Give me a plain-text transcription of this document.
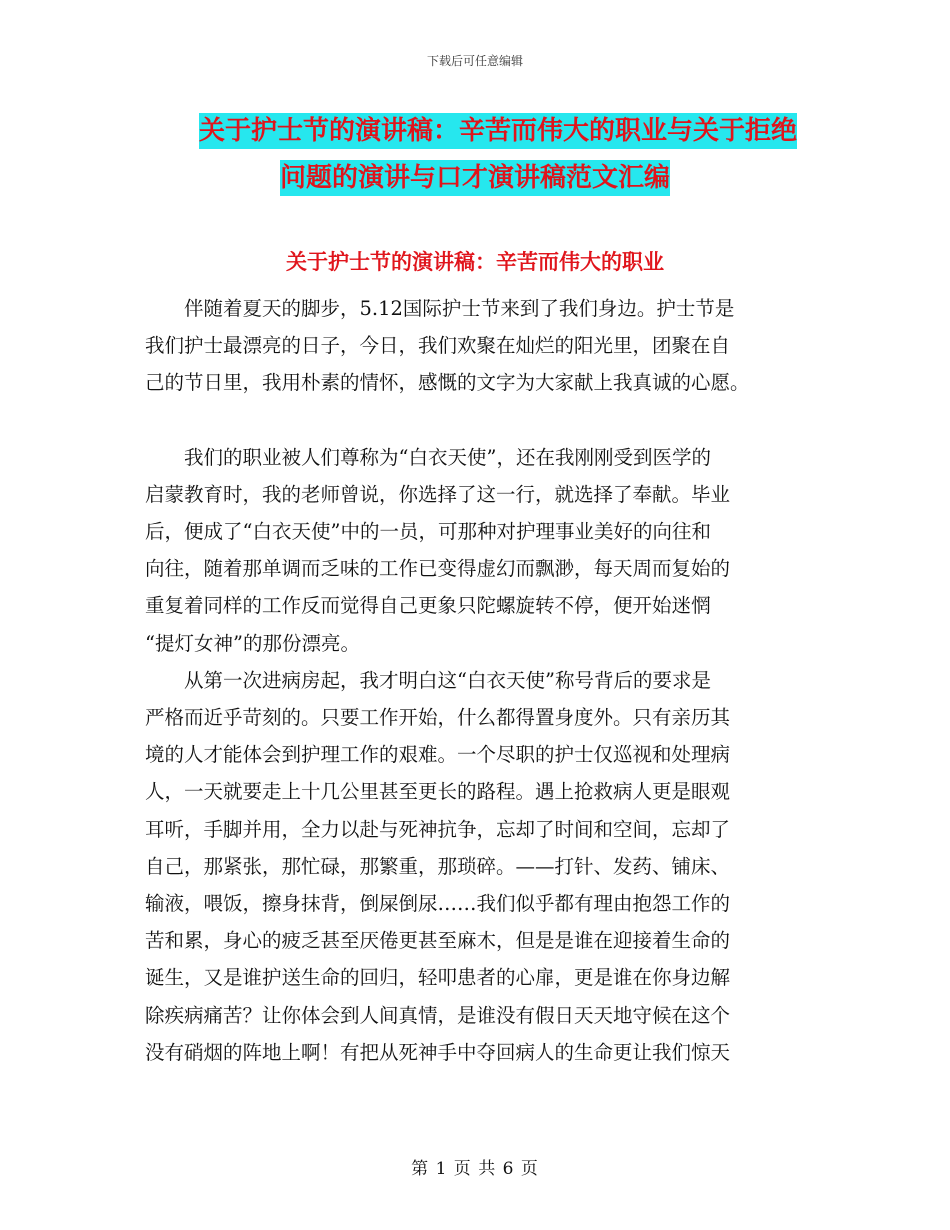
下载后可任意编辑
关于护士节的演讲稿：辛苦而伟大的职业与关于拒绝
问题的演讲与口才演讲稿范文汇编
关于护士节的演讲稿：辛苦而伟大的职业

　　伴随着夏天的脚步，5.12国际护士节来到了我们身边。护士节是

我们护士最漂亮的日子，今日，我们欢聚在灿烂的阳光里，团聚在自

己的节日里，我用朴素的情怀，感慨的文字为大家献上我真诚的心愿。

　　我们的职业被人们尊称为“白衣天使”，还在我刚刚受到医学的

启蒙教育时，我的老师曾说，你选择了这一行，就选择了奉献。毕业

后，便成了“白衣天使”中的一员，可那种对护理事业美好的向往和

向往，随着那单调而乏味的工作已变得虚幻而飘渺，每天周而复始的

重复着同样的工作反而觉得自己更象只陀螺旋转不停，便开始迷惘

“提灯女神”的那份漂亮。

　　从第一次进病房起，我才明白这“白衣天使”称号背后的要求是

严格而近乎苛刻的。只要工作开始，什么都得置身度外。只有亲历其

境的人才能体会到护理工作的艰难。一个尽职的护士仅巡视和处理病

人，一天就要走上十几公里甚至更长的路程。遇上抢救病人更是眼观

耳听，手脚并用，全力以赴与死神抗争，忘却了时间和空间，忘却了

自己，那紧张，那忙碌，那繁重，那琐碎。——打针、发药、铺床、

输液，喂饭，擦身抹背，倒屎倒尿……我们似乎都有理由抱怨工作的

苦和累，身心的疲乏甚至厌倦更甚至麻木，但是是谁在迎接着生命的

诞生，又是谁护送生命的回归，轻叩患者的心扉，更是谁在你身边解

除疾病痛苦？让你体会到人间真情，是谁没有假日天天地守候在这个

没有硝烟的阵地上啊！有把从死神手中夺回病人的生命更让我们惊天

第 1 页 共 6 页
